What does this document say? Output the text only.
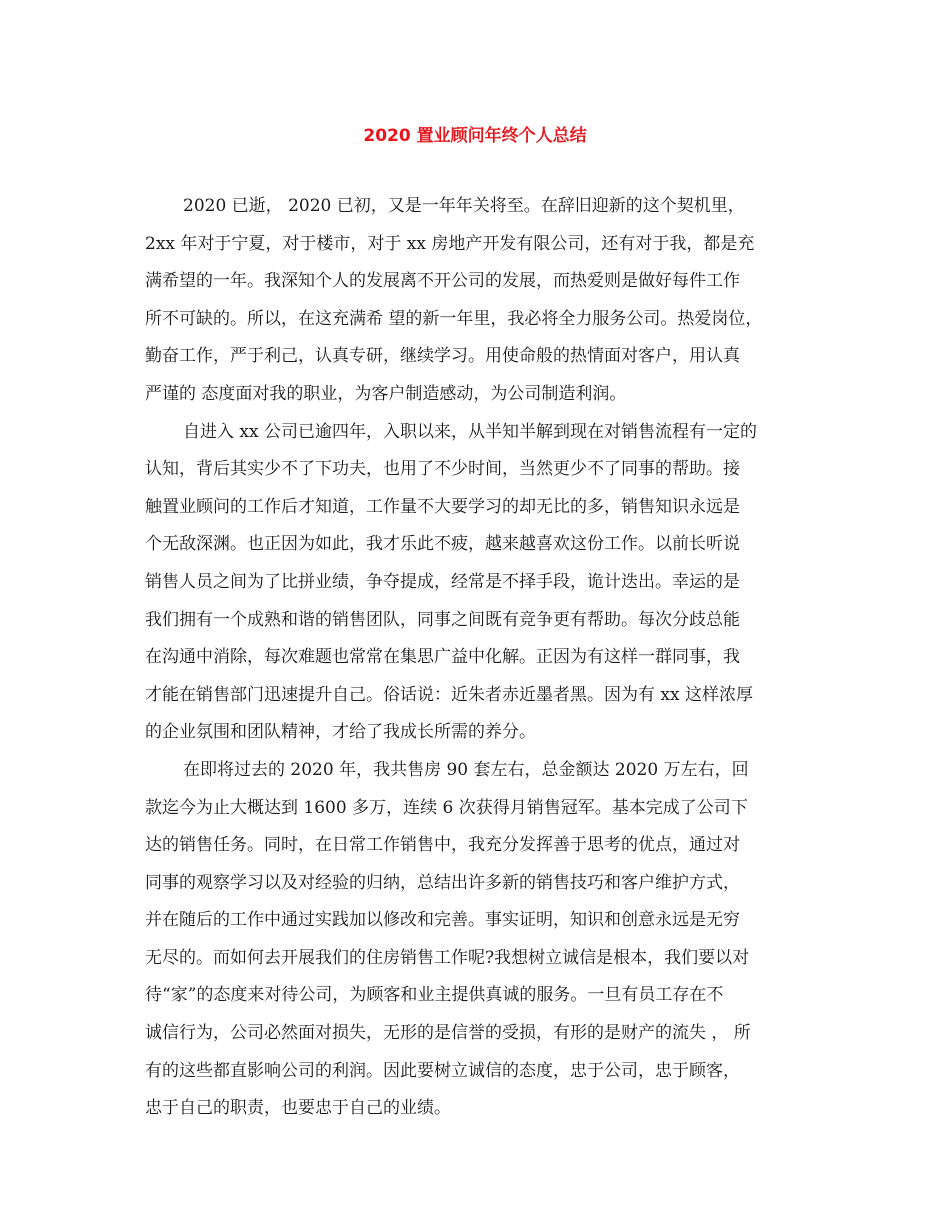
2020 置业顾问年终个人总结
2020 已逝， 2020 已初，又是一年年关将至。在辞旧迎新的这个契机里，
2xx 年对于宁夏，对于楼市，对于 xx 房地产开发有限公司，还有对于我，都是充
满希望的一年。我深知个人的发展离不开公司的发展，而热爱则是做好每件工作
所不可缺的。所以，在这充满希 望的新一年里，我必将全力服务公司。热爱岗位，
勤奋工作，严于利己，认真专研，继续学习。用使命般的热情面对客户，用认真
严谨的 态度面对我的职业，为客户制造感动，为公司制造利润。
自进入 xx 公司已逾四年，入职以来，从半知半解到现在对销售流程有一定的
认知，背后其实少不了下功夫，也用了不少时间，当然更少不了同事的帮助。接
触置业顾问的工作后才知道，工作量不大要学习的却无比的多，销售知识永远是
个无敌深渊。也正因为如此，我才乐此不疲，越来越喜欢这份工作。以前长听说
销售人员之间为了比拼业绩，争夺提成，经常是不择手段，诡计迭出。幸运的是
我们拥有一个成熟和谐的销售团队，同事之间既有竞争更有帮助。每次分歧总能
在沟通中消除，每次难题也常常在集思广益中化解。正因为有这样一群同事，我
才能在销售部门迅速提升自己。俗话说：近朱者赤近墨者黑。因为有 xx 这样浓厚
的企业氛围和团队精神，才给了我成长所需的养分。
在即将过去的 2020 年，我共售房 90 套左右，总金额达 2020 万左右，回
款迄今为止大概达到 1600 多万，连续 6 次获得月销售冠军。基本完成了公司下
达的销售任务。同时，在日常工作销售中，我充分发挥善于思考的优点，通过对
同事的观察学习以及对经验的归纳，总结出许多新的销售技巧和客户维护方式，
并在随后的工作中通过实践加以修改和完善。事实证明，知识和创意永远是无穷
无尽的。而如何去开展我们的住房销售工作呢?我想树立诚信是根本，我们要以对
待“家”的态度来对待公司，为顾客和业主提供真诚的服务。一旦有员工存在不
诚信行为，公司必然面对损失，无形的是信誉的受损，有形的是财产的流失 ， 所
有的这些都直影响公司的利润。因此要树立诚信的态度，忠于公司，忠于顾客，
忠于自己的职责，也要忠于自己的业绩。
